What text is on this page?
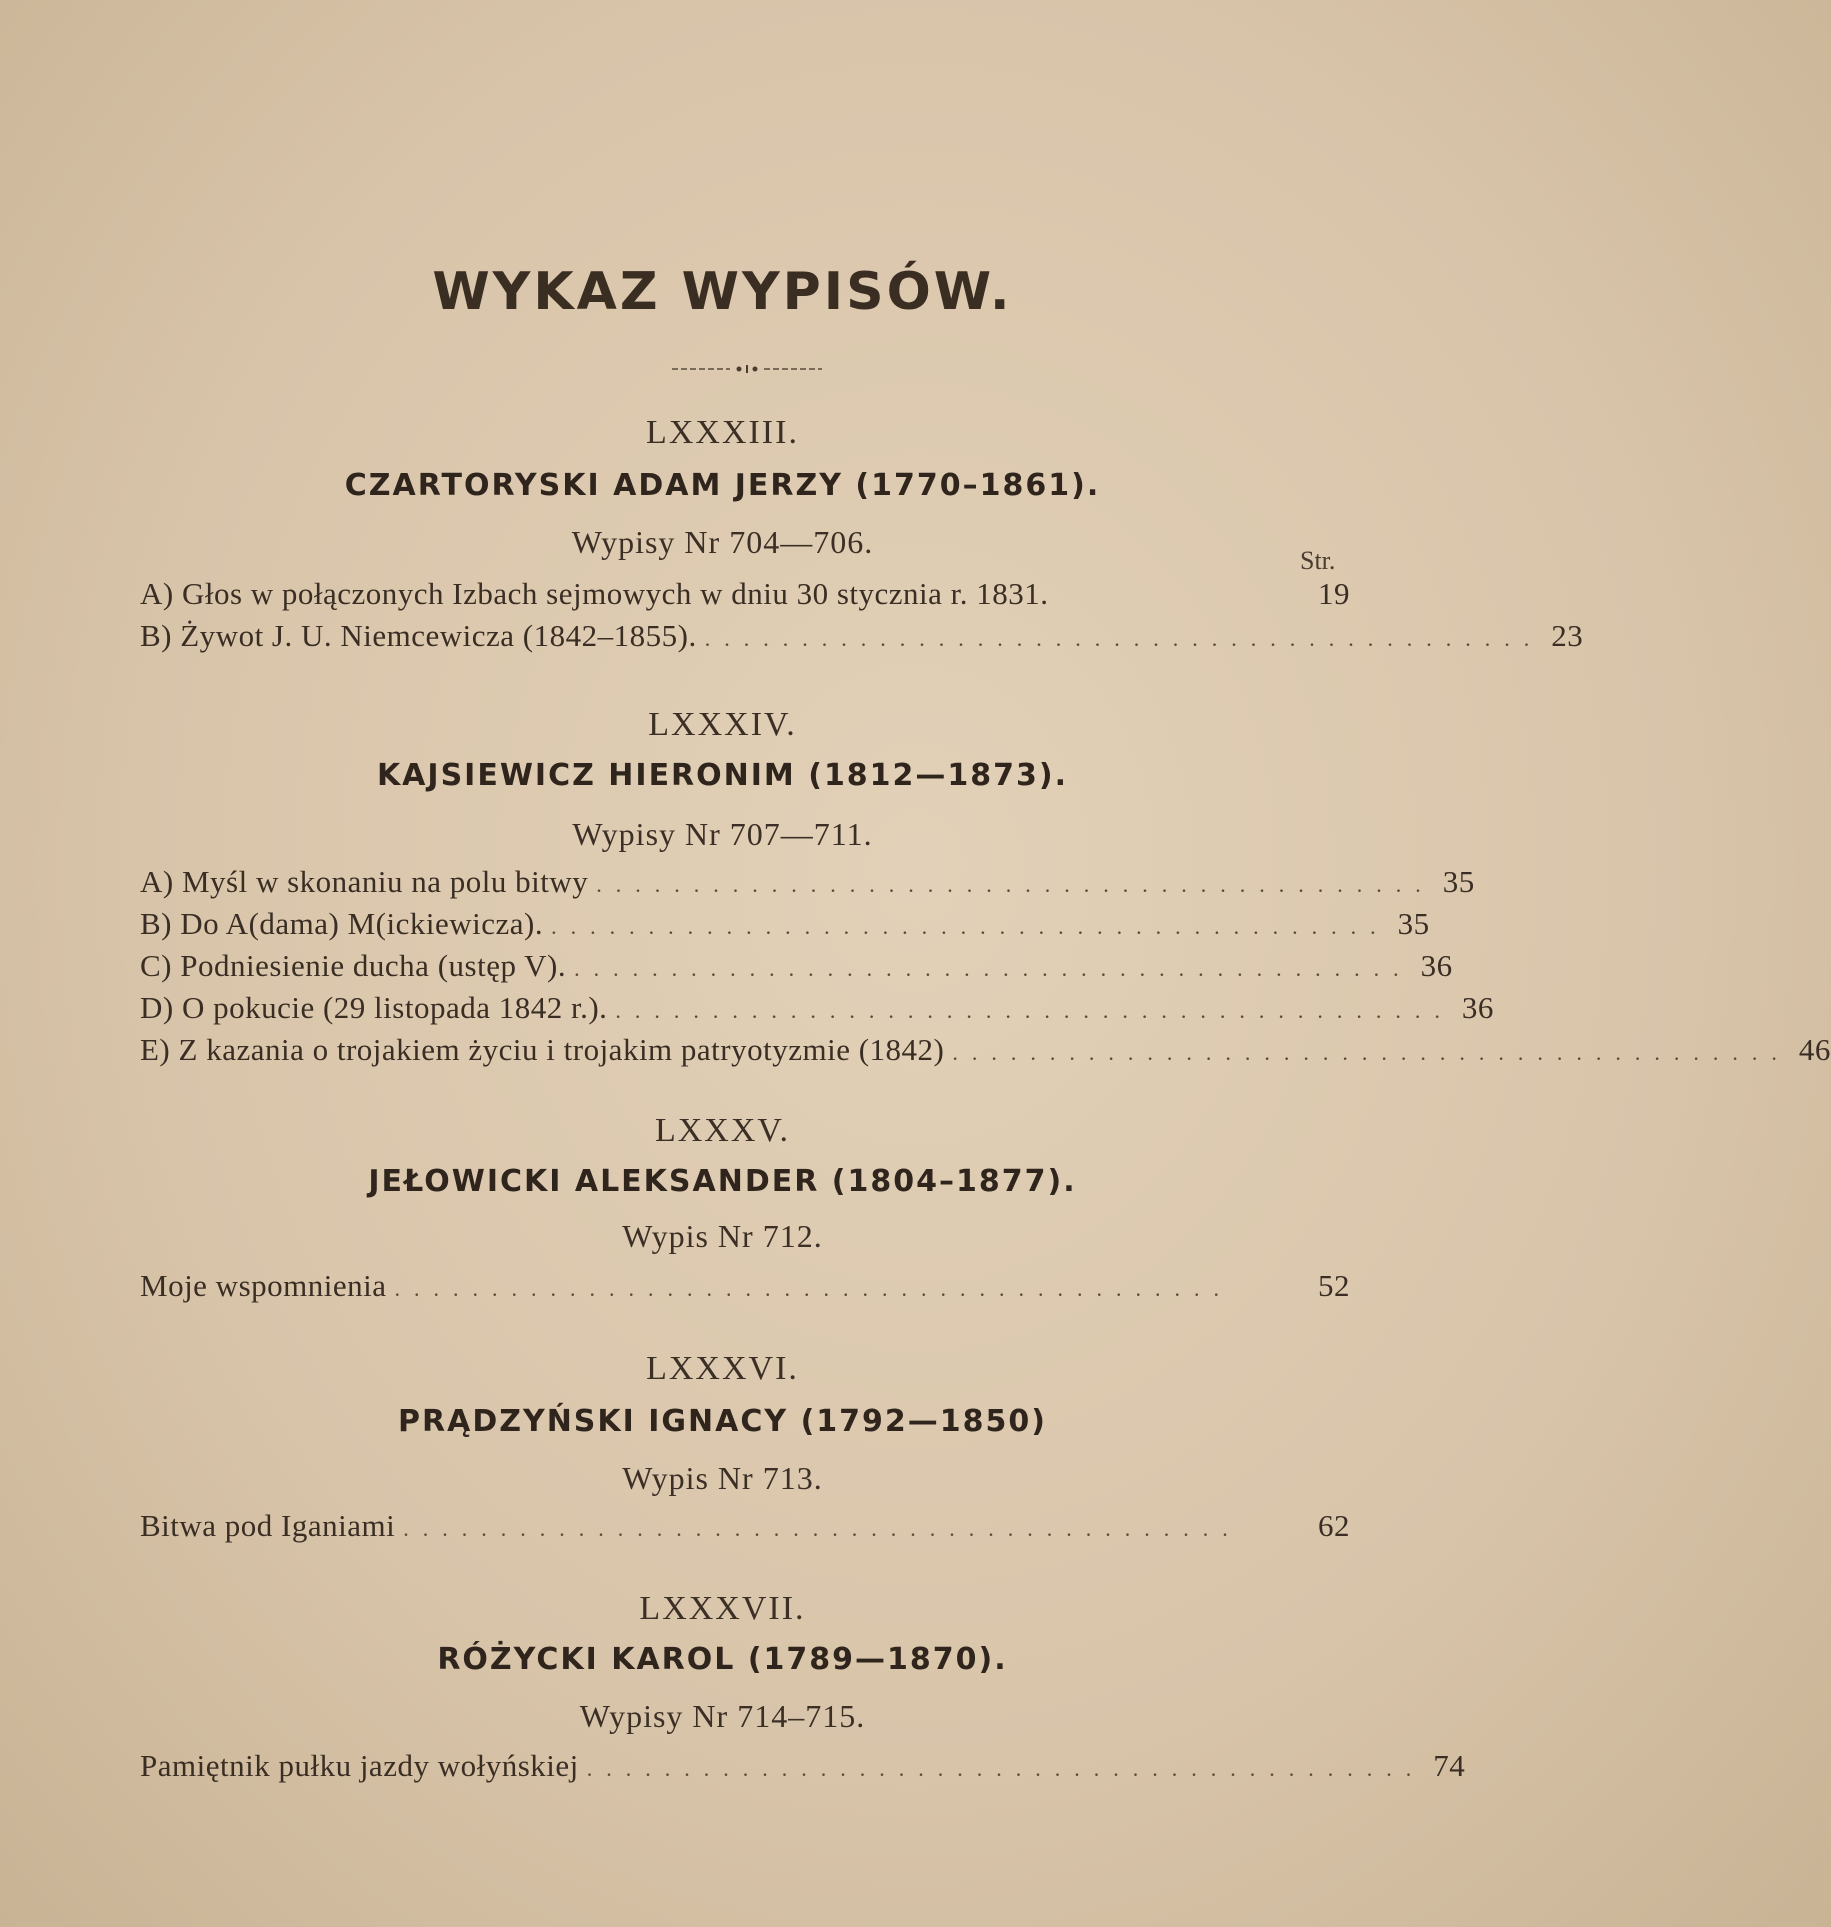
WYKAZ WYPISÓW.
Str.
LXXXIII.
CZARTORYSKI ADAM JERZY (1770–1861).
Wypisy Nr 704—706.
A) Głos w połączonych Izbach sejmowych w dniu 30 stycznia r. 1831.	19
B) Żywot J. U. Niemcewicza (1842–1855). ........................................... 23
LXXXIV.
KAJSIEWICZ HIERONIM (1812—1873).
Wypisy Nr 707—711.
A) Myśl w skonaniu na polu bitwy ........................................... 35
B) Do A(dama) M(ickiewicza). ........................................... 35
C) Podniesienie ducha (ustęp V). ........................................... 36
D) O pokucie (29 listopada 1842 r.). ........................................... 36
E) Z kazania o trojakiem życiu i trojakim patryotyzmie (1842) ........................................... 46
LXXXV.
JEŁOWICKI ALEKSANDER (1804–1877).
Wypis Nr 712.
Moje wspomnienia ...........................................	52
LXXXVI.
PRĄDZYŃSKI IGNACY (1792—1850)
Wypis Nr 713.
Bitwa pod Iganiami ...........................................	62
LXXXVII.
RÓŻYCKI KAROL (1789—1870).
Wypisy Nr 714–715.
Pamiętnik pułku jazdy wołyńskiej ........................................... 74
